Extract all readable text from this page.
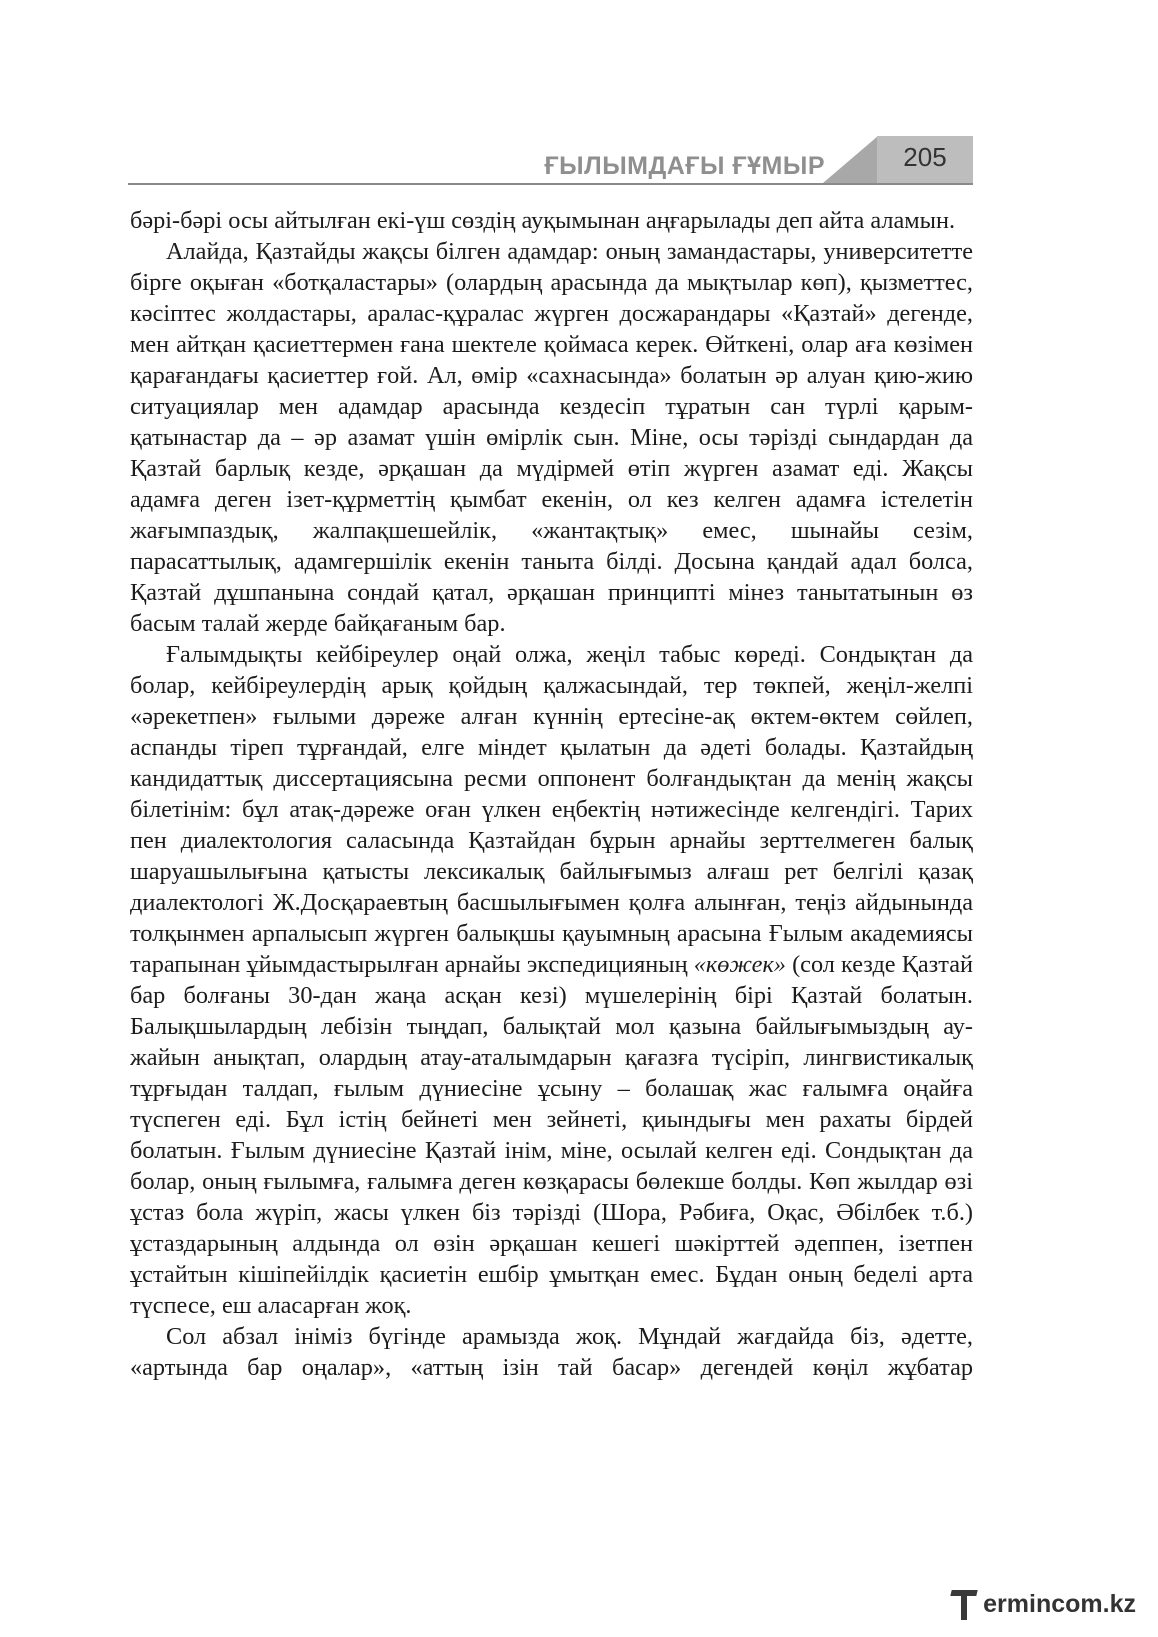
ҒЫЛЫМДАҒЫ ҒҰМЫР	205

бәрі-бәрі осы айтылған екі-үш сөздің ауқымынан аңғарылады деп айта аламын.

Алайда, Қазтайды жақсы білген адамдар: оның замандастары, университетте бірге оқыған «ботқаластары» (олардың арасында да мықтылар көп), қызметтес, кәсіптес жолдастары, аралас-құралас жүрген досжарандары «Қазтай» дегенде, мен айтқан қасиеттермен ғана шектеле қоймаса керек. Өйткені, олар аға көзімен қарағандағы қасиеттер ғой. Ал, өмір «сахнасында» болатын әр алуан қию-жию ситуациялар мен адамдар арасында кездесіп тұратын сан түрлі қарым-қатынастар да – әр азамат үшін өмірлік сын. Міне, осы тәрізді сындардан да Қазтай барлық кезде, әрқашан да мүдірмей өтіп жүрген азамат еді. Жақсы адамға деген ізет-құрметтің қымбат екенін, ол кез келген адамға істелетін жағымпаздық, жалпақшешейлік, «жантақтық» емес, шынайы сезім, парасаттылық, адамгершілік екенін таныта білді. Досына қандай адал болса, Қазтай дұшпанына сондай қатал, әрқашан принципті мінез танытатынын өз басым талай жерде байқағаным бар.

Ғалымдықты кейбіреулер оңай олжа, жеңіл табыс көреді. Сондықтан да болар, кейбіреулердің арық қойдың қалжасындай, тер төкпей, жеңіл-желпі «әрекетпен» ғылыми дәреже алған күннің ертесіне-ақ өктем-өктем сөйлеп, аспанды тіреп тұрғандай, елге міндет қылатын да әдеті болады. Қазтайдың кандидаттық диссертациясына ресми оппонент болғандықтан да менің жақсы білетінім: бұл атақ-дәреже оған үлкен еңбектің нәтижесінде келгендігі. Тарих пен диалектология саласында Қазтайдан бұрын арнайы зерттелмеген балық шаруашылығына қатысты лексикалық байлығымыз алғаш рет белгілі қазақ диалектологі Ж.Досқараевтың басшылығымен қолға алынған, теңіз айдынында толқынмен арпалысып жүрген балықшы қауымның арасына Ғылым академиясы тарапынан ұйымдастырылған арнайы экспедицияның «көжек» (сол кезде Қазтай бар болғаны 30-дан жаңа асқан кезі) мүшелерінің бірі Қазтай болатын. Балықшылардың лебізін тыңдап, балықтай мол қазына байлығымыздың ау-жайын анықтап, олардың атау-аталымдарын қағазға түсіріп, лингвистикалық тұрғыдан талдап, ғылым дүниесіне ұсыну – болашақ жас ғалымға оңайға түспеген еді. Бұл істің бейнеті мен зейнеті, қиындығы мен рахаты бірдей болатын. Ғылым дүниесіне Қазтай інім, міне, осылай келген еді. Сондықтан да болар, оның ғылымға, ғалымға деген көзқарасы бөлекше болды. Көп жылдар өзі ұстаз бола жүріп, жасы үлкен біз тәрізді (Шора, Рәбиға, Оқас, Әбілбек т.б.) ұстаздарының алдында ол өзін әрқашан кешегі шәкірттей әдеппен, ізетпен ұстайтын кішіпейілдік қасиетін ешбір ұмытқан емес. Бұдан оның беделі арта түспесе, еш аласарған жоқ.

Сол абзал ініміз бүгінде арамызда жоқ. Мұндай жағдайда біз, әдетте, «артында бар оңалар», «аттың ізін тай басар» дегендей көңіл жұбатар

ermincom.kz
